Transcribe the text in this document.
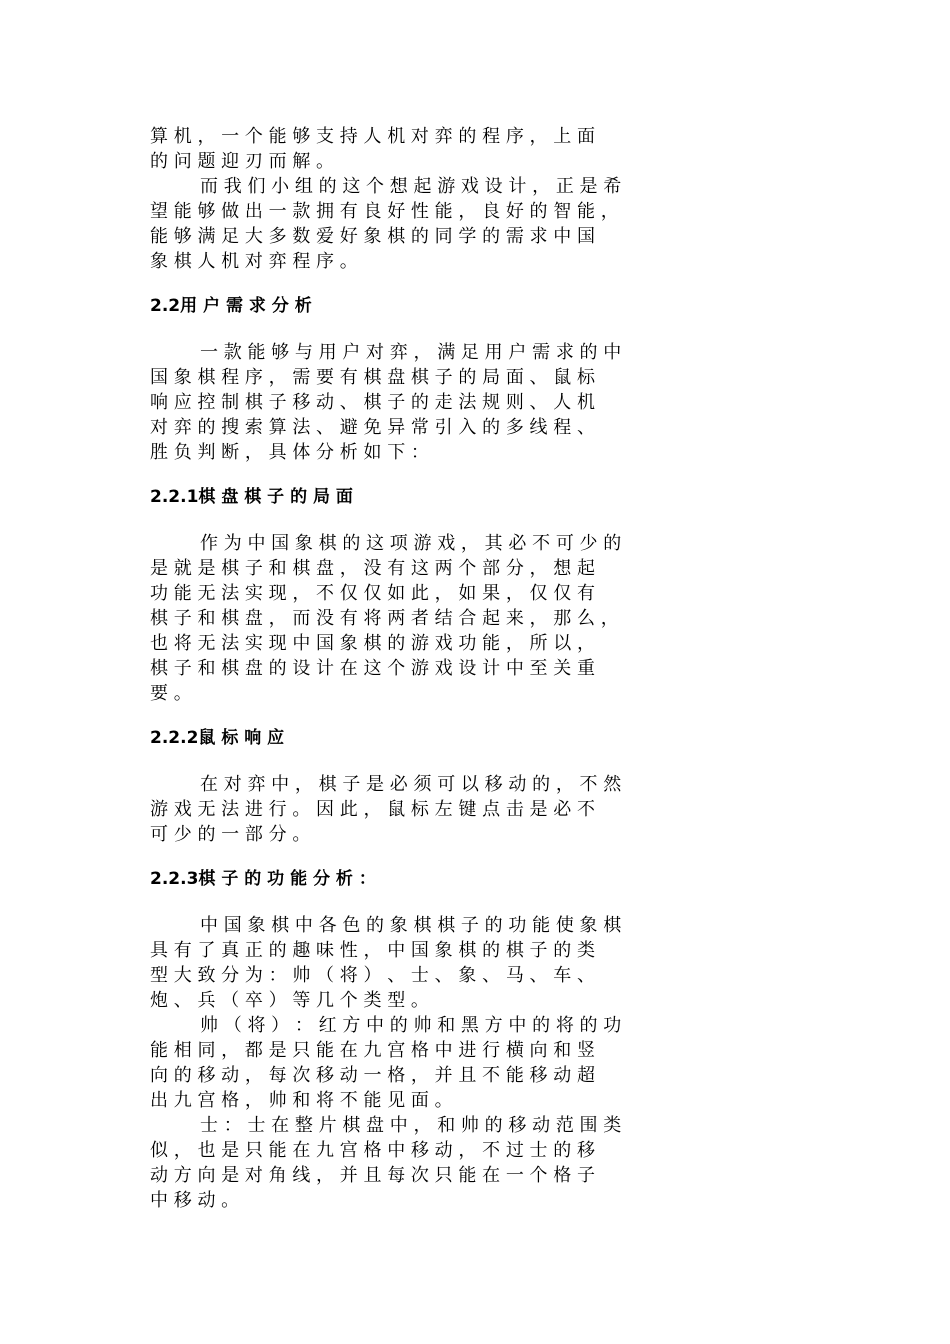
算 机 ， 一 个 能 够 支 持 人 机 对 弈 的 程 序 ， 上 面
的 问 题 迎 刃 而 解 。
而 我 们 小 组 的 这 个 想 起 游 戏 设 计 ， 正 是 希
望 能 够 做 出 一 款 拥 有 良 好 性 能 ， 良 好 的 智 能 ，
能 够 满 足 大 多 数 爱 好 象 棋 的 同 学 的 需 求 中 国
象 棋 人 机 对 弈 程 序 。
2.2用 户 需 求 分 析
一 款 能 够 与 用 户 对 弈 ， 满 足 用 户 需 求 的 中
国 象 棋 程 序 ， 需 要 有 棋 盘 棋 子 的 局 面 、 鼠 标
响 应 控 制 棋 子 移 动 、 棋 子 的 走 法 规 则 、 人 机
对 弈 的 搜 索 算 法 、 避 免 异 常 引 入 的 多 线 程 、
胜 负 判 断 ， 具 体 分 析 如 下 ：
2.2.1棋 盘 棋 子 的 局 面
作 为 中 国 象 棋 的 这 项 游 戏 ， 其 必 不 可 少 的
是 就 是 棋 子 和 棋 盘 ， 没 有 这 两 个 部 分 ， 想 起
功 能 无 法 实 现 ， 不 仅 仅 如 此 ， 如 果 ， 仅 仅 有
棋 子 和 棋 盘 ， 而 没 有 将 两 者 结 合 起 来 ， 那 么 ，
也 将 无 法 实 现 中 国 象 棋 的 游 戏 功 能 ， 所 以 ，
棋 子 和 棋 盘 的 设 计 在 这 个 游 戏 设 计 中 至 关 重
要 。
2.2.2鼠 标 响 应
在 对 弈 中 ， 棋 子 是 必 须 可 以 移 动 的 ， 不 然
游 戏 无 法 进 行 。 因 此 ， 鼠 标 左 键 点 击 是 必 不
可 少 的 一 部 分 。
2.2.3棋 子 的 功 能 分 析 ：
中 国 象 棋 中 各 色 的 象 棋 棋 子 的 功 能 使 象 棋
具 有 了 真 正 的 趣 味 性 ， 中 国 象 棋 的 棋 子 的 类
型 大 致 分 为 ： 帅 （ 将 ） 、 士 、 象 、 马 、 车 、
炮 、 兵 （ 卒 ） 等 几 个 类 型 。
帅 （ 将 ） ： 红 方 中 的 帅 和 黑 方 中 的 将 的 功
能 相 同 ， 都 是 只 能 在 九 宫 格 中 进 行 横 向 和 竖
向 的 移 动 ， 每 次 移 动 一 格 ， 并 且 不 能 移 动 超
出 九 宫 格 ， 帅 和 将 不 能 见 面 。
士 ： 士 在 整 片 棋 盘 中 ， 和 帅 的 移 动 范 围 类
似 ， 也 是 只 能 在 九 宫 格 中 移 动 ， 不 过 士 的 移
动 方 向 是 对 角 线 ， 并 且 每 次 只 能 在 一 个 格 子
中 移 动 。
